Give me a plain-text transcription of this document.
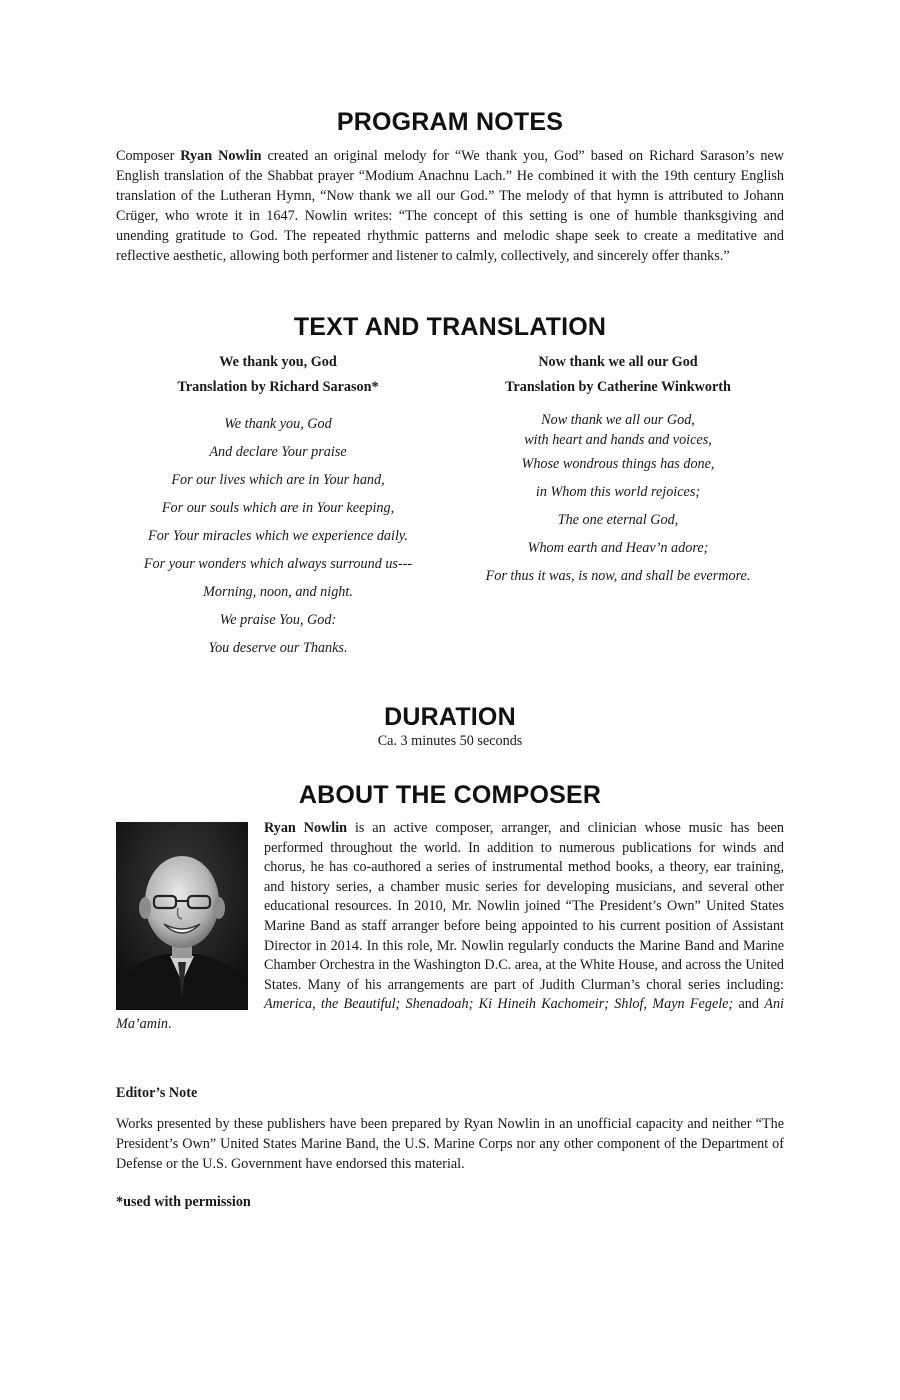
PROGRAM NOTES

Composer Ryan Nowlin created an original melody for “We thank you, God” based on Richard Sarason’s new English translation of the Shabbat prayer “Modium Anachnu Lach.” He combined it with the 19th century English translation of the Lutheran Hymn, “Now thank we all our God.” The melody of that hymn is attributed to Johann Crüger, who wrote it in 1647. Nowlin writes: “The concept of this setting is one of humble thanksgiving and unending gratitude to God. The repeated rhythmic patterns and melodic shape seek to create a meditative and reflective aesthetic, allowing both performer and listener to calmly, collectively, and sincerely offer thanks.”

TEXT AND TRANSLATION
We thank you, God
Translation by Richard Sarason*
We thank you, God
And declare Your praise
For our lives which are in Your hand,
For our souls which are in Your keeping,
For Your miracles which we experience daily.
For your wonders which always surround us---
Morning, noon, and night.
We praise You, God:
You deserve our Thanks.
Now thank we all our God
Translation by Catherine Winkworth
Now thank we all our God,
with heart and hands and voices,
Whose wondrous things has done,
in Whom this world rejoices;
The one eternal God,
Whom earth and Heav’n adore;
For thus it was, is now, and shall be evermore.
DURATION
Ca. 3 minutes 50 seconds
ABOUT THE COMPOSER

Ryan Nowlin is an active composer, arranger, and clinician whose music has been performed throughout the world. In addition to numerous publications for winds and chorus, he has co-authored a series of instrumental method books, a theory, ear training, and history series, a chamber music series for developing musicians, and several other educational resources. In 2010, Mr. Nowlin joined “The President’s Own” United States Marine Band as staff arranger before being appointed to his current position of Assistant Director in 2014. In this role, Mr. Nowlin regularly conducts the Marine Band and Marine Chamber Orchestra in the Washington D.C. area, at the White House, and across the United States. Many of his arrangements are part of Judith Clurman’s choral series including: America, the Beautiful; Shenadoah; Ki Hineih Kachomeir; Shlof, Mayn Fegele; and Ani Ma’amin.

Editor’s Note

Works presented by these publishers have been prepared by Ryan Nowlin in an unofficial capacity and neither “The President’s Own” United States Marine Band, the U.S. Marine Corps nor any other component of the Department of Defense or the U.S. Government have endorsed this material.

*used with permission
